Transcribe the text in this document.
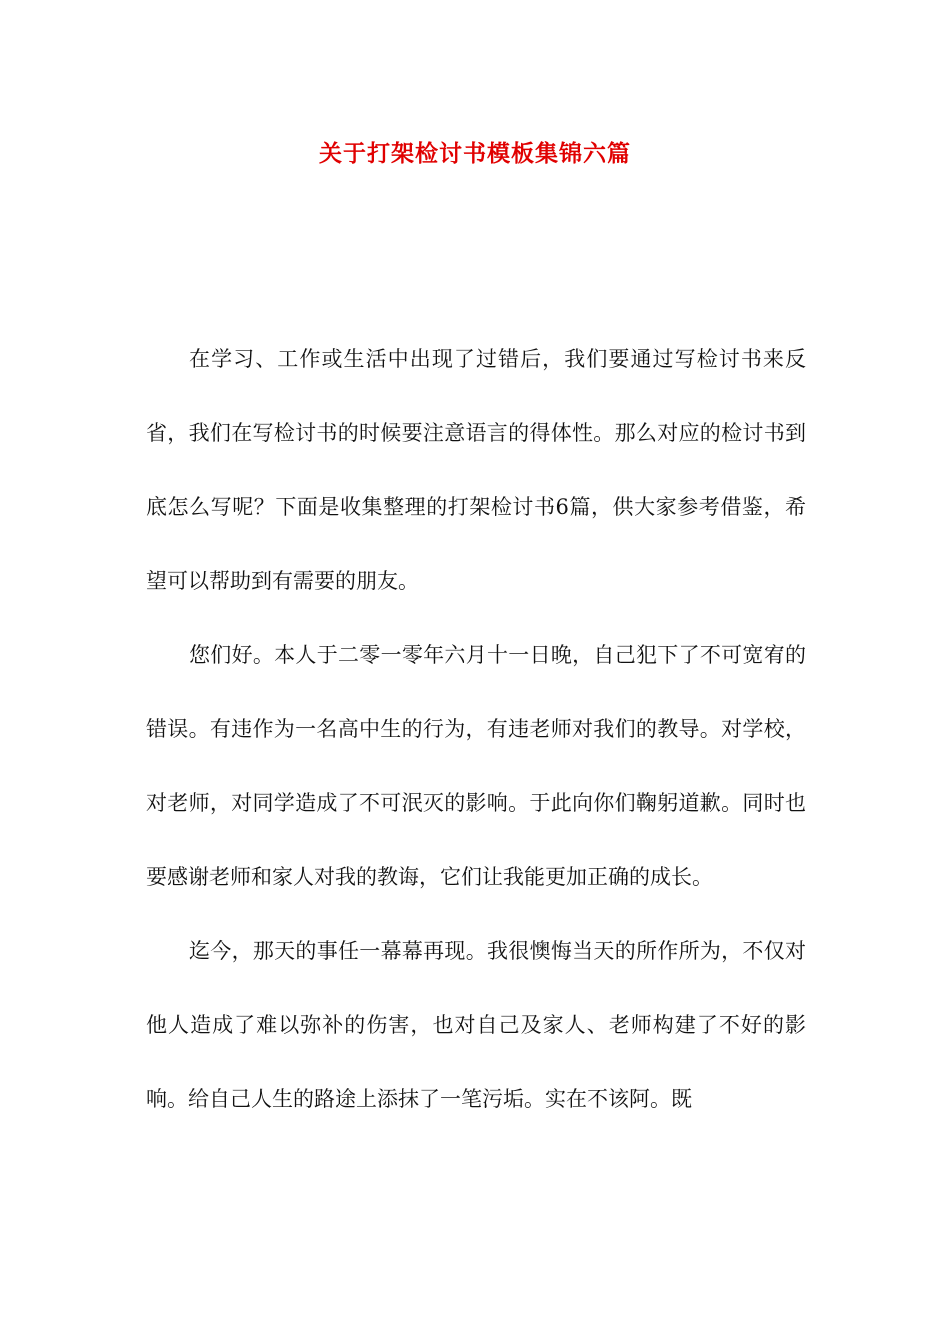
关于打架检讨书模板集锦六篇

在学习、工作或生活中出现了过错后，我们要通过写检讨书来反省，我们在写检讨书的时候要注意语言的得体性。那么对应的检讨书到底怎么写呢？下面是收集整理的打架检讨书6篇，供大家参考借鉴，希望可以帮助到有需要的朋友。

您们好。本人于二零一零年六月十一日晚，自己犯下了不可宽宥的错误。有违作为一名高中生的行为，有违老师对我们的教导。对学校，对老师，对同学造成了不可泯灭的影响。于此向你们鞠躬道歉。同时也要感谢老师和家人对我的教诲，它们让我能更加正确的成长。

迄今，那天的事任一幕幕再现。我很懊悔当天的所作所为，不仅对他人造成了难以弥补的伤害，也对自己及家人、老师构建了不好的影响。给自己人生的路途上添抹了一笔污垢。实在不该阿。既
